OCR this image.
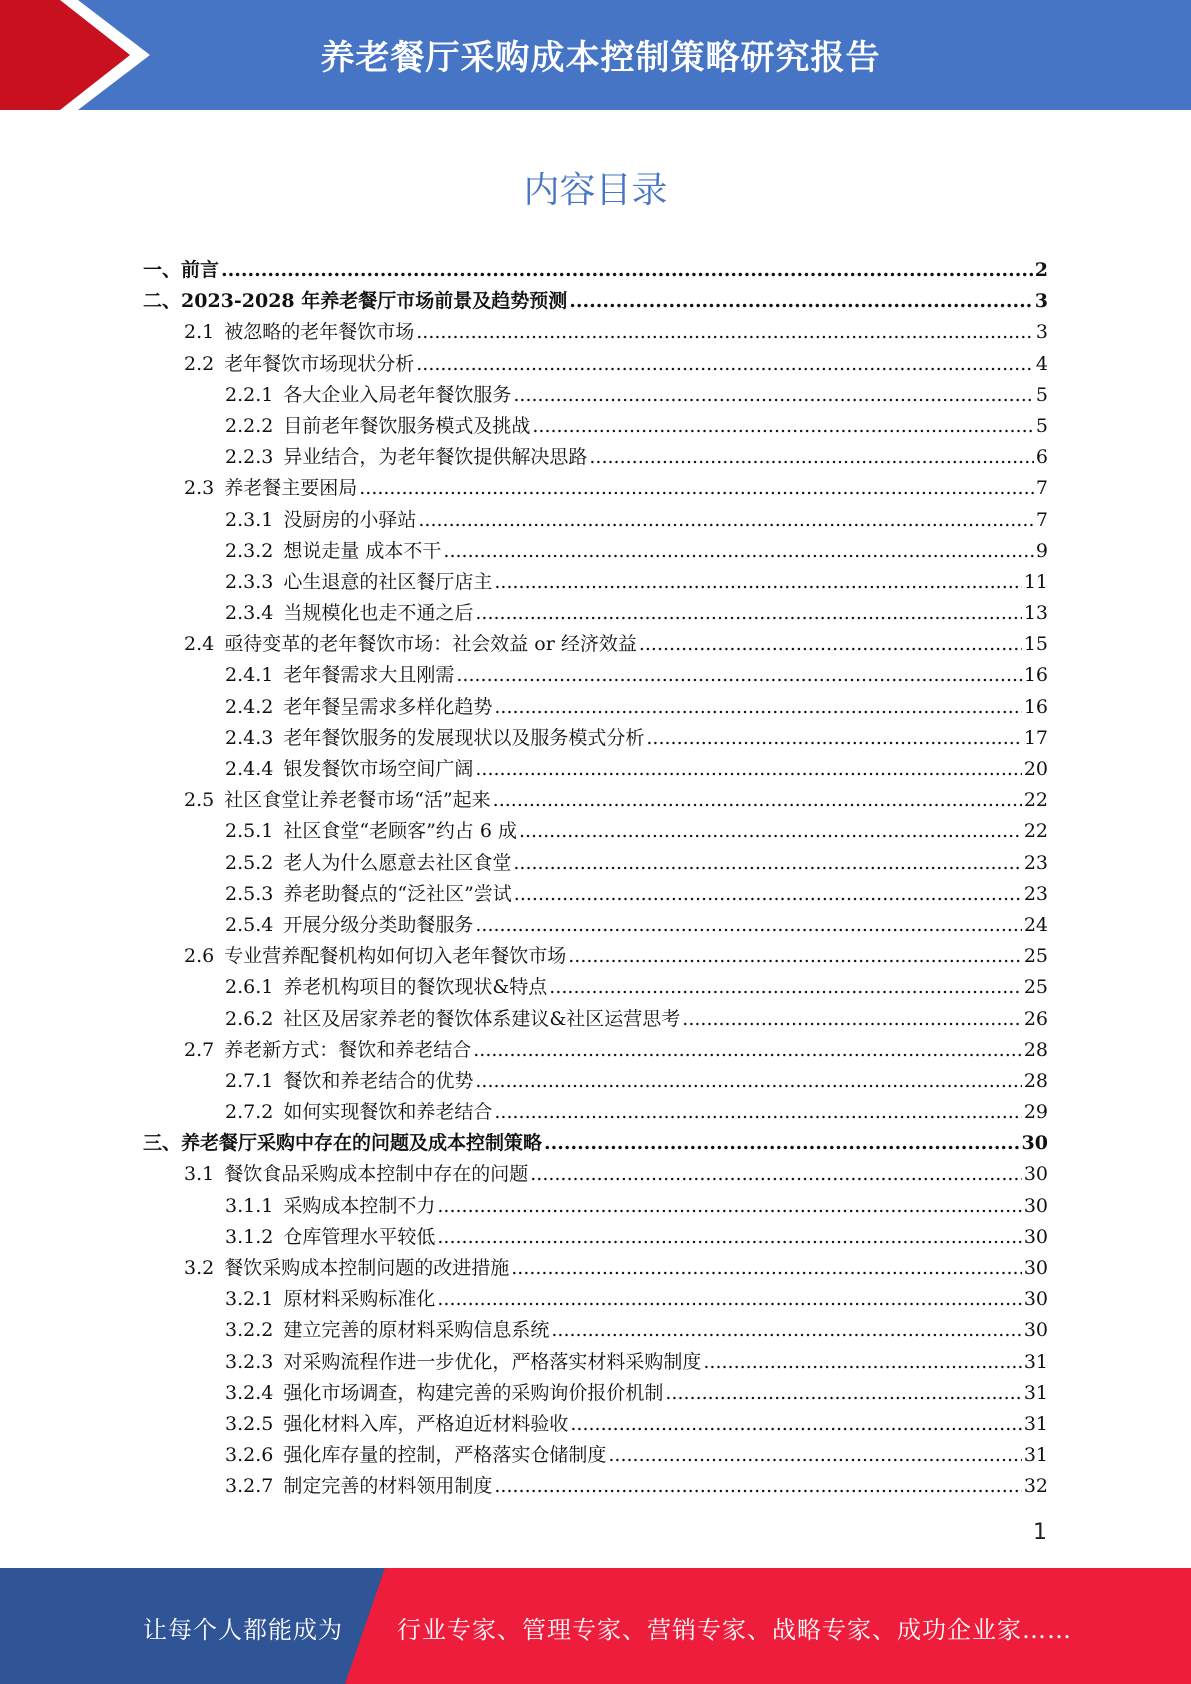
养老餐厅采购成本控制策略研究报告
内容目录
一、前言 .....	2
二、2023-2028 年养老餐厅市场前景及趋势预测 .....	3
2.1 被忽略的老年餐饮市场 .....	3
2.2 老年餐饮市场现状分析 .....	4
2.2.1 各大企业入局老年餐饮服务 .....	5
2.2.2 目前老年餐饮服务模式及挑战 .....	5
2.2.3 异业结合，为老年餐饮提供解决思路 .....	6
2.3 养老餐主要困局 .....	7
2.3.1 没厨房的小驿站 .....	7
2.3.2 想说走量 成本不干 .....	9
2.3.3 心生退意的社区餐厅店主 .....	11
2.3.4 当规模化也走不通之后 .....	13
2.4 亟待变革的老年餐饮市场：社会效益 or 经济效益 .....	15
2.4.1 老年餐需求大且刚需 .....	16
2.4.2 老年餐呈需求多样化趋势 .....	16
2.4.3 老年餐饮服务的发展现状以及服务模式分析 .....	17
2.4.4 银发餐饮市场空间广阔 .....	20
2.5 社区食堂让养老餐市场“活”起来 .....	22
2.5.1 社区食堂“老顾客”约占 6 成 .....	22
2.5.2 老人为什么愿意去社区食堂 .....	23
2.5.3 养老助餐点的“泛社区”尝试 .....	23
2.5.4 开展分级分类助餐服务 .....	24
2.6 专业营养配餐机构如何切入老年餐饮市场 .....	25
2.6.1 养老机构项目的餐饮现状&特点 .....	25
2.6.2 社区及居家养老的餐饮体系建议&社区运营思考 .....	26
2.7 养老新方式：餐饮和养老结合 .....	28
2.7.1 餐饮和养老结合的优势 .....	28
2.7.2 如何实现餐饮和养老结合 .....	29
三、养老餐厅采购中存在的问题及成本控制策略 .....	30
3.1 餐饮食品采购成本控制中存在的问题 .....	30
3.1.1 采购成本控制不力 .....	30
3.1.2 仓库管理水平较低 .....	30
3.2 餐饮采购成本控制问题的改进措施 .....	30
3.2.1 原材料采购标准化 .....	30
3.2.2 建立完善的原材料采购信息系统 .....	30
3.2.3 对采购流程作进一步优化，严格落实材料采购制度 .....	31
3.2.4 强化市场调查，构建完善的采购询价报价机制 .....	31
3.2.5 强化材料入库，严格迫近材料验收 .....	31
3.2.6 强化库存量的控制，严格落实仓储制度 .....	31
3.2.7 制定完善的材料领用制度 .....	32
1
让每个人都能成为 行业专家、管理专家、营销专家、战略专家、成功企业家……
